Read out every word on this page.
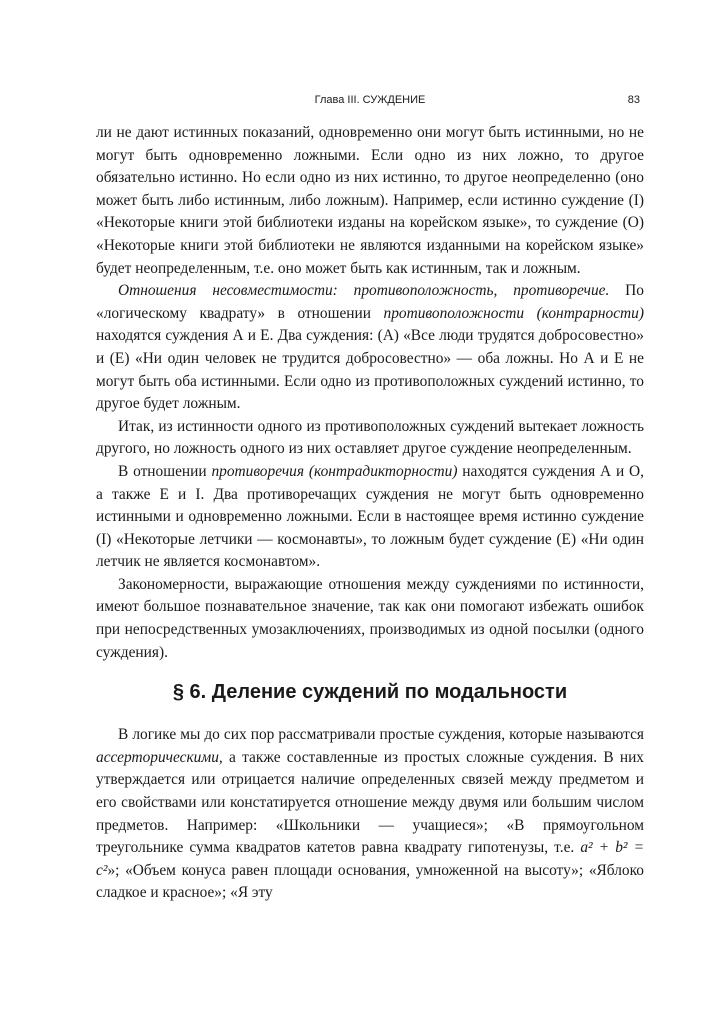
Глава III. СУЖДЕНИЕ	83

ли не дают истинных показаний, одновременно они могут быть истинными, но не могут быть одновременно ложными. Если одно из них ложно, то другое обязательно истинно. Но если одно из них истинно, то другое неопределенно (оно может быть либо истинным, либо ложным). Например, если истинно суждение (I) «Некоторые книги этой библиотеки изданы на корейском языке», то суждение (О) «Некоторые книги этой библиотеки не являются изданными на корейском языке» будет неопределенным, т.е. оно может быть как истинным, так и ложным.

Отношения несовместимости: противоположность, противоречие. По «логическому квадрату» в отношении противоположности (контрарности) находятся суждения А и Е. Два суждения: (А) «Все люди трудятся добросовестно» и (Е) «Ни один человек не трудится добросовестно» — оба ложны. Но А и Е не могут быть оба истинными. Если одно из противоположных суждений истинно, то другое будет ложным.

Итак, из истинности одного из противоположных суждений вытекает ложность другого, но ложность одного из них оставляет другое суждение неопределенным.

В отношении противоречия (контрадикторности) находятся суждения А и О, а также Е и I. Два противоречащих суждения не могут быть одновременно истинными и одновременно ложными. Если в настоящее время истинно суждение (I) «Некоторые летчики — космонавты», то ложным будет суждение (Е) «Ни один летчик не является космонавтом».

Закономерности, выражающие отношения между суждениями по истинности, имеют большое познавательное значение, так как они помогают избежать ошибок при непосредственных умозаключениях, производимых из одной посылки (одного суждения).

§ 6. Деление суждений по модальности

В логике мы до сих пор рассматривали простые суждения, которые называются ассерторическими, а также составленные из простых сложные суждения. В них утверждается или отрицается наличие определенных связей между предметом и его свойствами или констатируется отношение между двумя или большим числом предметов. Например: «Школьники — учащиеся»; «В прямоугольном треугольнике сумма квадратов катетов равна квадрату гипотенузы, т.е. a² + b² = c²»; «Объем конуса равен площади основания, умноженной на высоту»; «Яблоко сладкое и красное»; «Я эту
